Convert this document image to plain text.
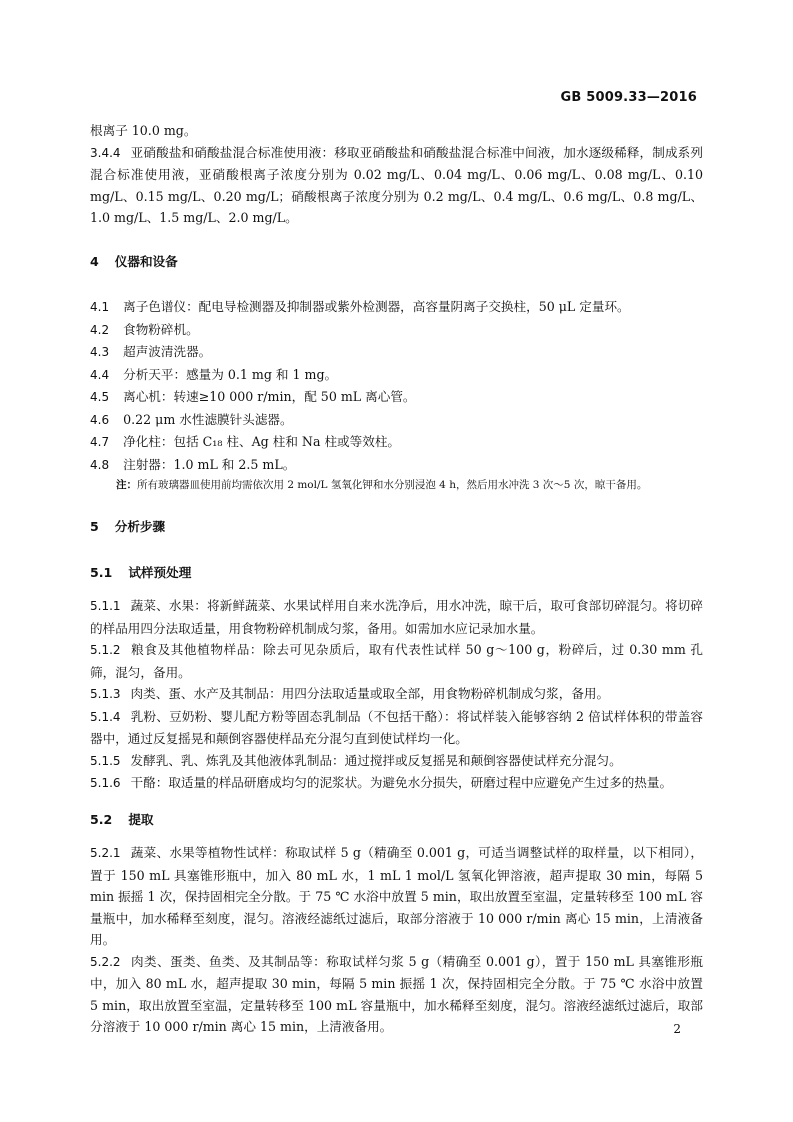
GB 5009.33—2016

根离子 10.0 mg。

3.4.4 亚硝酸盐和硝酸盐混合标准使用液：移取亚硝酸盐和硝酸盐混合标准中间液，加水逐级稀释，制成系列混合标准使用液，亚硝酸根离子浓度分别为 0.02 mg/L、0.04 mg/L、0.06 mg/L、0.08 mg/L、0.10 mg/L、0.15 mg/L、0.20 mg/L；硝酸根离子浓度分别为 0.2 mg/L、0.4 mg/L、0.6 mg/L、0.8 mg/L、1.0 mg/L、1.5 mg/L、2.0 mg/L。

4 仪器和设备

4.1 离子色谱仪：配电导检测器及抑制器或紫外检测器，高容量阴离子交换柱，50 μL 定量环。

4.2 食物粉碎机。

4.3 超声波清洗器。

4.4 分析天平：感量为 0.1 mg 和 1 mg。

4.5 离心机：转速≥10 000 r/min，配 50 mL 离心管。

4.6 0.22 μm 水性滤膜针头滤器。

4.7 净化柱：包括 C₁₈ 柱、Ag 柱和 Na 柱或等效柱。

4.8 注射器：1.0 mL 和 2.5 mL。

注：所有玻璃器皿使用前均需依次用 2 mol/L 氢氧化钾和水分别浸泡 4 h，然后用水冲洗 3 次～5 次，晾干备用。
5 分析步骤
5.1 试样预处理

5.1.1 蔬菜、水果：将新鲜蔬菜、水果试样用自来水洗净后，用水冲洗，晾干后，取可食部切碎混匀。将切碎的样品用四分法取适量，用食物粉碎机制成匀浆，备用。如需加水应记录加水量。

5.1.2 粮食及其他植物样品：除去可见杂质后，取有代表性试样 50 g～100 g，粉碎后，过 0.30 mm 孔筛，混匀，备用。

5.1.3 肉类、蛋、水产及其制品：用四分法取适量或取全部，用食物粉碎机制成匀浆，备用。

5.1.4 乳粉、豆奶粉、婴儿配方粉等固态乳制品（不包括干酪）：将试样装入能够容纳 2 倍试样体积的带盖容器中，通过反复摇晃和颠倒容器使样品充分混匀直到使试样均一化。

5.1.5 发酵乳、乳、炼乳及其他液体乳制品：通过搅拌或反复摇晃和颠倒容器使试样充分混匀。

5.1.6 干酪：取适量的样品研磨成均匀的泥浆状。为避免水分损失，研磨过程中应避免产生过多的热量。

5.2 提取

5.2.1 蔬菜、水果等植物性试样：称取试样 5 g（精确至 0.001 g，可适当调整试样的取样量，以下相同），置于 150 mL 具塞锥形瓶中，加入 80 mL 水，1 mL 1 mol/L 氢氧化钾溶液，超声提取 30 min，每隔 5 min 振摇 1 次，保持固相完全分散。于 75 ℃ 水浴中放置 5 min，取出放置至室温，定量转移至 100 mL 容量瓶中，加水稀释至刻度，混匀。溶液经滤纸过滤后，取部分溶液于 10 000 r/min 离心 15 min，上清液备用。

5.2.2 肉类、蛋类、鱼类、及其制品等：称取试样匀浆 5 g（精确至 0.001 g），置于 150 mL 具塞锥形瓶中，加入 80 mL 水，超声提取 30 min，每隔 5 min 振摇 1 次，保持固相完全分散。于 75 ℃ 水浴中放置 5 min，取出放置至室温，定量转移至 100 mL 容量瓶中，加水稀释至刻度，混匀。溶液经滤纸过滤后，取部分溶液于 10 000 r/min 离心 15 min，上清液备用。	2
